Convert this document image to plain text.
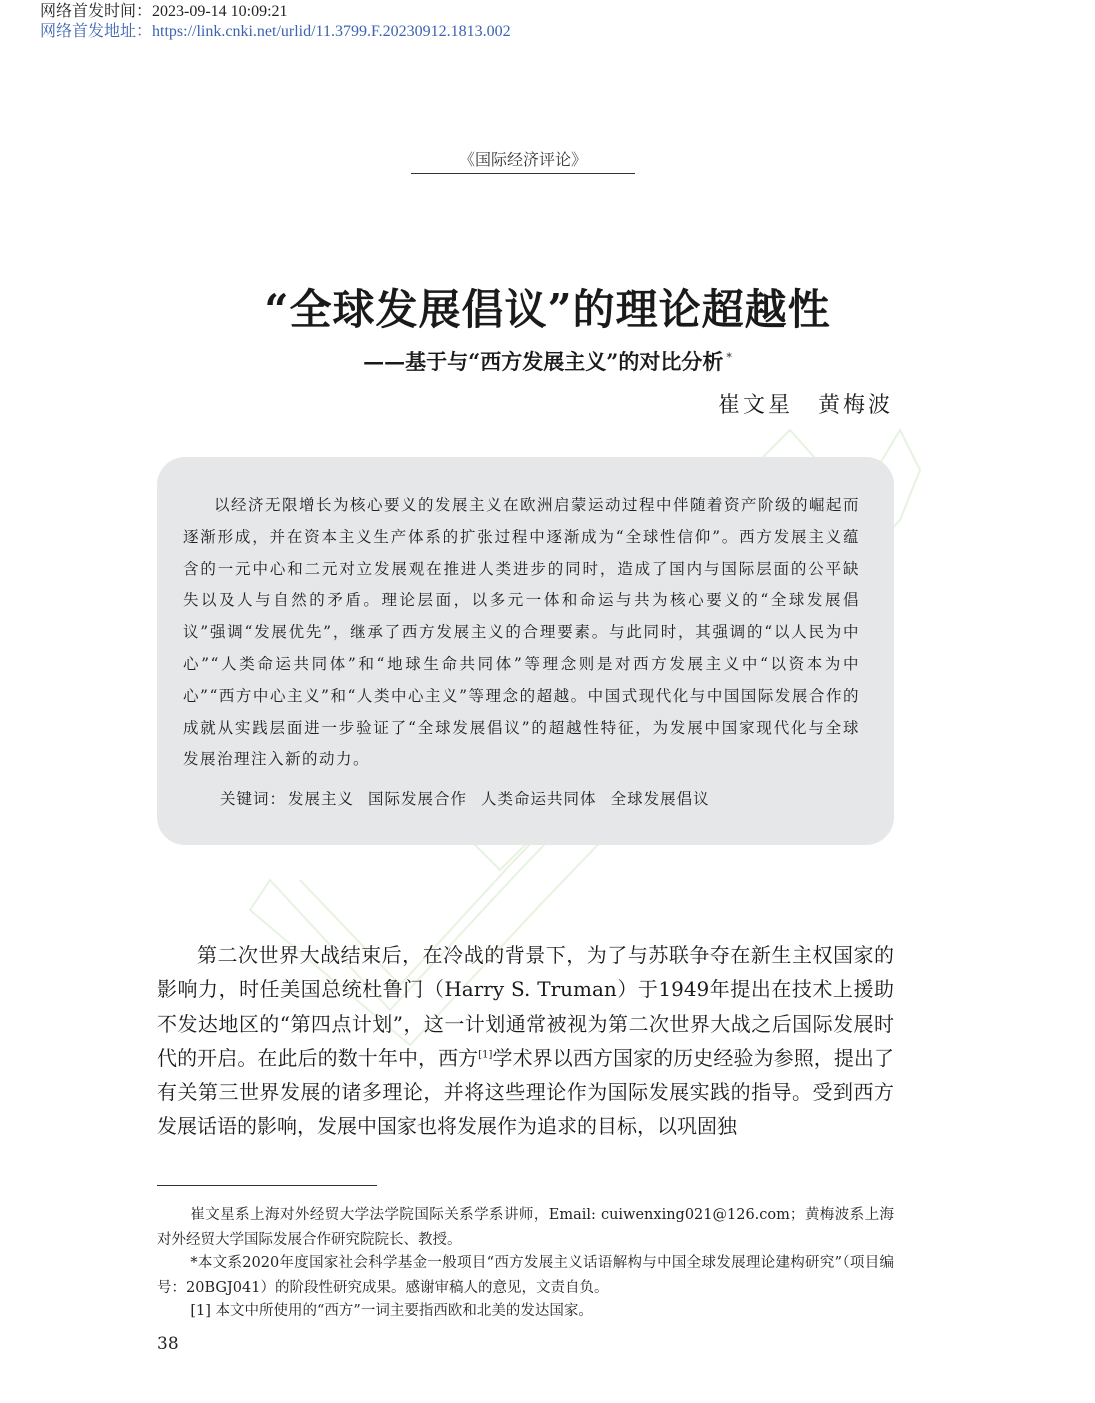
网络首发时间：2023-09-14 10:09:21
网络首发地址：https://link.cnki.net/urlid/11.3799.F.20230912.1813.002
《国际经济评论》
“全球发展倡议”的理论超越性
——基于与“西方发展主义”的对比分析 *
崔文星　黄梅波

以经济无限增长为核心要义的发展主义在欧洲启蒙运动过程中伴随着资产阶级的崛起而逐渐形成，并在资本主义生产体系的扩张过程中逐渐成为“全球性信仰”。西方发展主义蕴含的一元中心和二元对立发展观在推进人类进步的同时，造成了国内与国际层面的公平缺失以及人与自然的矛盾。理论层面，以多元一体和命运与共为核心要义的“全球发展倡议”强调“发展优先”，继承了西方发展主义的合理要素。与此同时，其强调的“以人民为中心”“人类命运共同体”和“地球生命共同体”等理念则是对西方发展主义中“以资本为中心”“西方中心主义”和“人类中心主义”等理念的超越。中国式现代化与中国国际发展合作的成就从实践层面进一步验证了“全球发展倡议”的超越性特征，为发展中国家现代化与全球发展治理注入新的动力。

关键词： 发展主义 国际发展合作 人类命运共同体 全球发展倡议

第二次世界大战结束后，在冷战的背景下，为了与苏联争夺在新生主权国家的影响力，时任美国总统杜鲁门（Harry S. Truman）于1949年提出在技术上援助不发达地区的“第四点计划”，这一计划通常被视为第二次世界大战之后国际发展时代的开启。在此后的数十年中，西方[1]学术界以西方国家的历史经验为参照，提出了有关第三世界发展的诸多理论，并将这些理论作为国际发展实践的指导。受到西方发展话语的影响，发展中国家也将发展作为追求的目标，以巩固独

崔文星系上海对外经贸大学法学院国际关系学系讲师，Email: cuiwenxing021@126.com；黄梅波系上海对外经贸大学国际发展合作研究院院长、教授。

*本文系2020年度国家社会科学基金一般项目“西方发展主义话语解构与中国全球发展理论建构研究”（项目编号：20BGJ041）的阶段性研究成果。感谢审稿人的意见，文责自负。

[1] 本文中所使用的“西方”一词主要指西欧和北美的发达国家。

38
